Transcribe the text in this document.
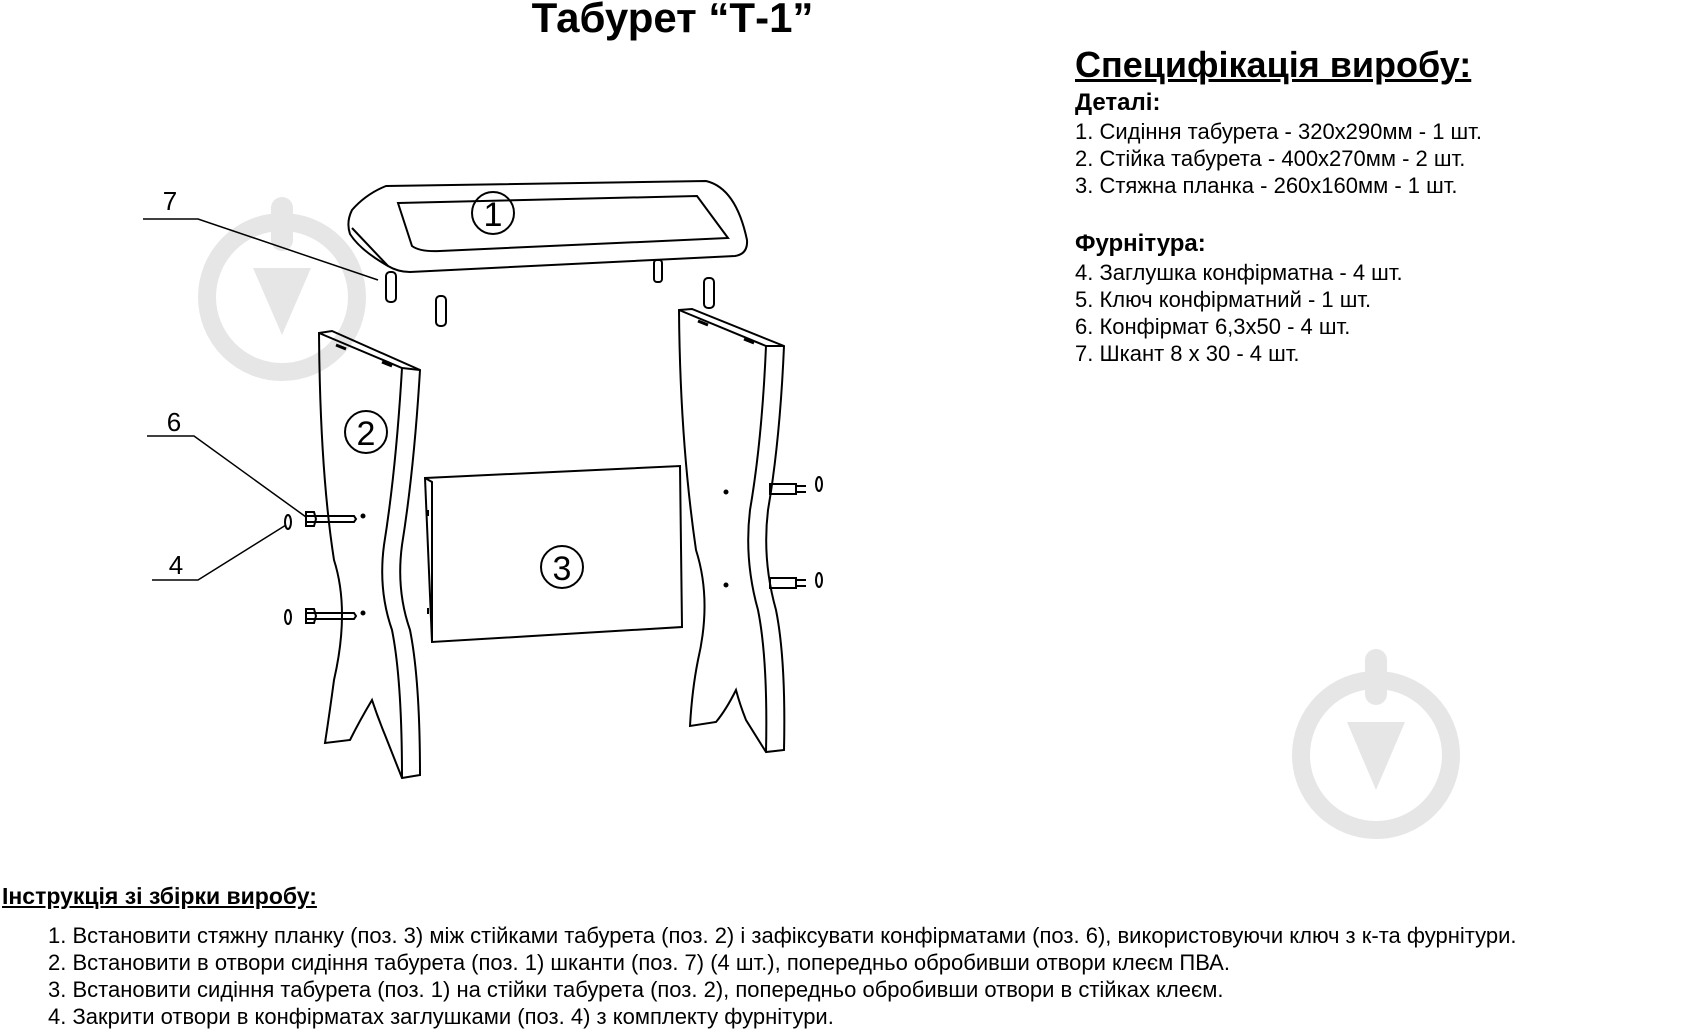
Табурет “Т-1”
1
2
3
7
6
4
Специфікація виробу:
Деталі:
1. Сидіння табурета - 320х290мм - 1 шт.
2. Стійка табурета - 400х270мм - 2 шт.
3. Стяжна планка - 260х160мм - 1 шт.
Фурнітура:
4. Заглушка конфірматна - 4 шт.
5. Ключ конфірматний - 1 шт.
6. Конфірмат 6,3х50 - 4 шт.
7. Шкант 8 х 30 - 4 шт.
Інструкція зі збірки виробу:
1. Встановити стяжну планку (поз. 3) між стійками табурета (поз. 2) і зафіксувати конфірматами (поз. 6), використовуючи ключ з к-та фурнітури.
2. Встановити в отвори сидіння табурета (поз. 1) шканти (поз. 7) (4 шт.), попередньо обробивши отвори клеєм ПВА.
3. Встановити сидіння табурета (поз. 1) на стійки табурета (поз. 2), попередньо обробивши отвори в стійках клеєм.
4. Закрити отвори в конфірматах заглушками (поз. 4) з комплекту фурнітури.
